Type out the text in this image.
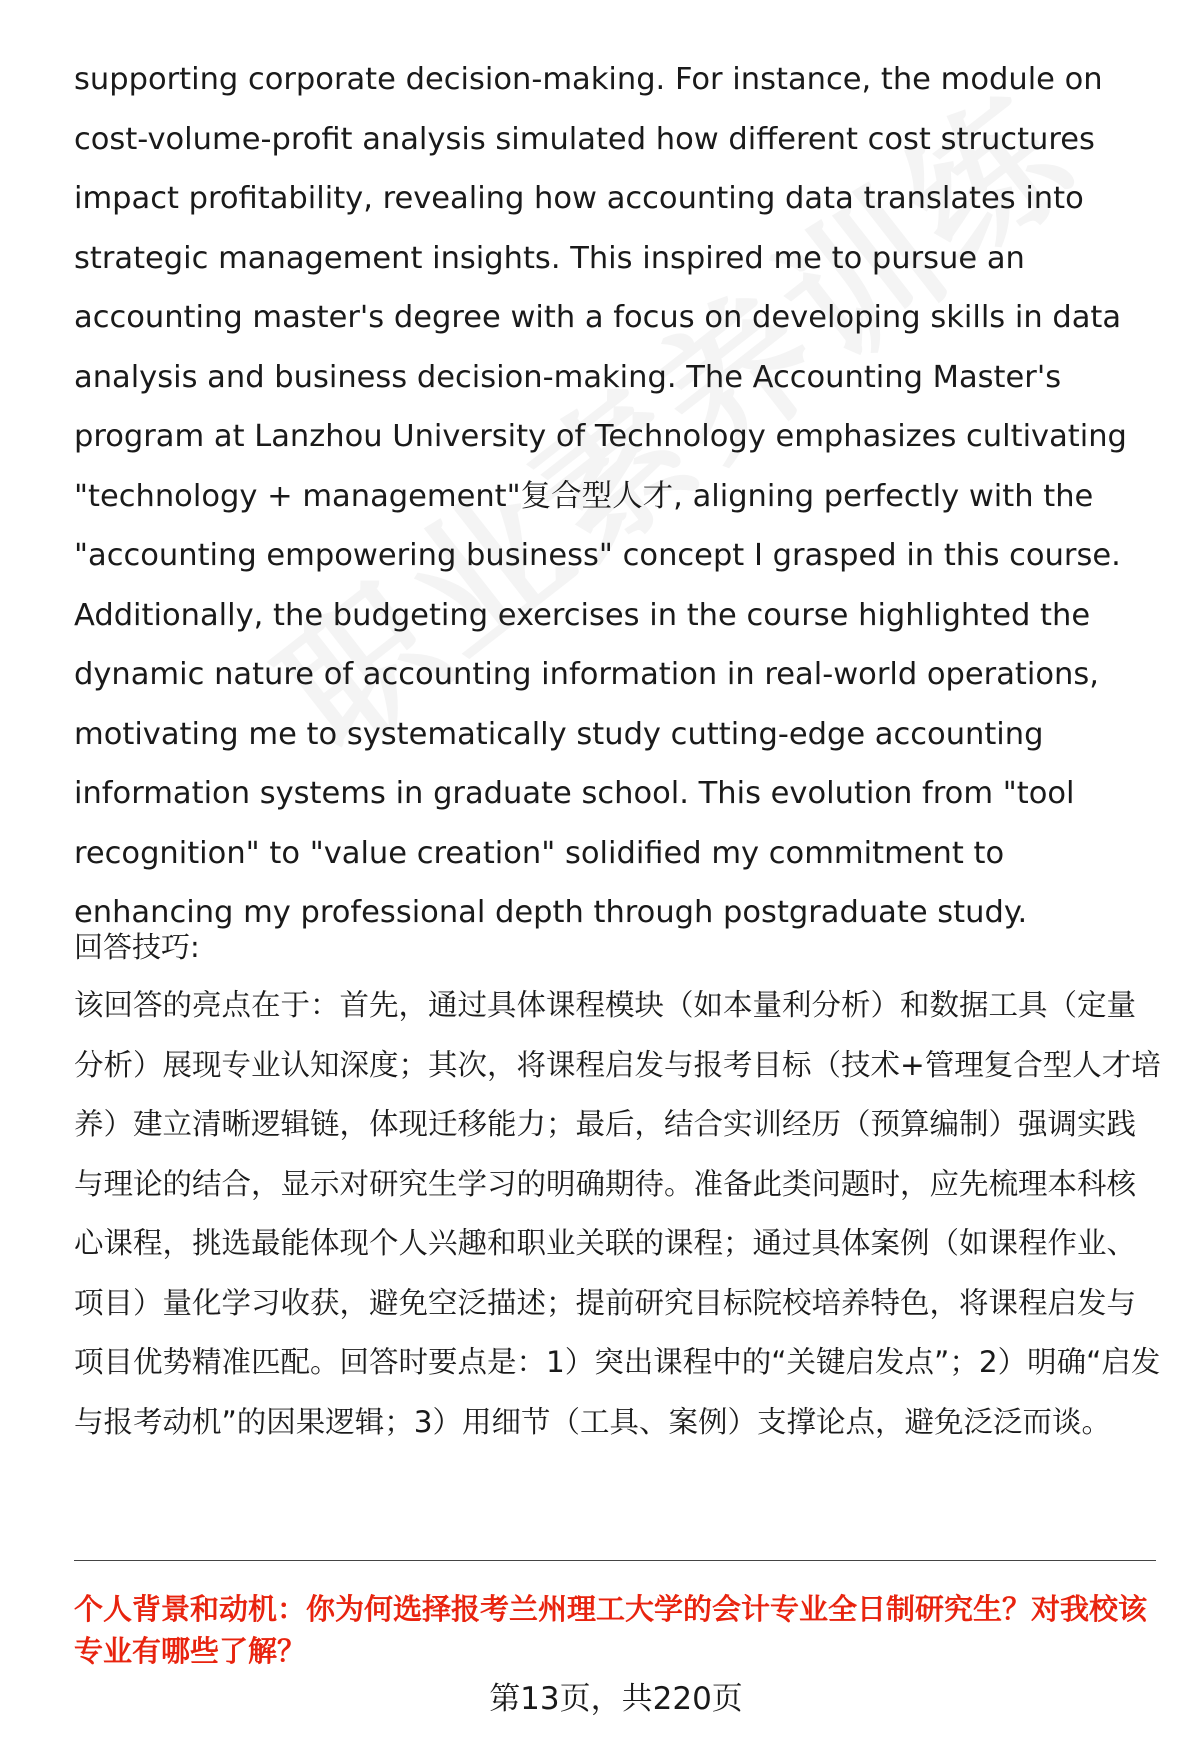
supporting corporate decision-making. For instance, the module on cost-volume-profit analysis simulated how different cost structures impact profitability, revealing how accounting data translates into strategic management insights. This inspired me to pursue an accounting master's degree with a focus on developing skills in data analysis and business decision-making. The Accounting Master's program at Lanzhou University of Technology emphasizes cultivating "technology + management"复合型人才, aligning perfectly with the "accounting empowering business" concept I grasped in this course. Additionally, the budgeting exercises in the course highlighted the dynamic nature of accounting information in real-world operations, motivating me to systematically study cutting-edge accounting information systems in graduate school. This evolution from "tool recognition" to "value creation" solidified my commitment to enhancing my professional depth through postgraduate study.

回答技巧:

该回答的亮点在于：首先，通过具体课程模块（如本量利分析）和数据工具（定量分析）展现专业认知深度；其次，将课程启发与报考目标（技术+管理复合型人才培养）建立清晰逻辑链，体现迁移能力；最后，结合实训经历（预算编制）强调实践与理论的结合，显示对研究生学习的明确期待。准备此类问题时，应先梳理本科核心课程，挑选最能体现个人兴趣和职业关联的课程；通过具体案例（如课程作业、项目）量化学习收获，避免空泛描述；提前研究目标院校培养特色，将课程启发与项目优势精准匹配。回答时要点是：1）突出课程中的“关键启发点”；2）明确“启发与报考动机”的因果逻辑；3）用细节（工具、案例）支撑论点，避免泛泛而谈。

个人背景和动机：你为何选择报考兰州理工大学的会计专业全日制研究生？对我校该专业有哪些了解？

第13页，共220页
